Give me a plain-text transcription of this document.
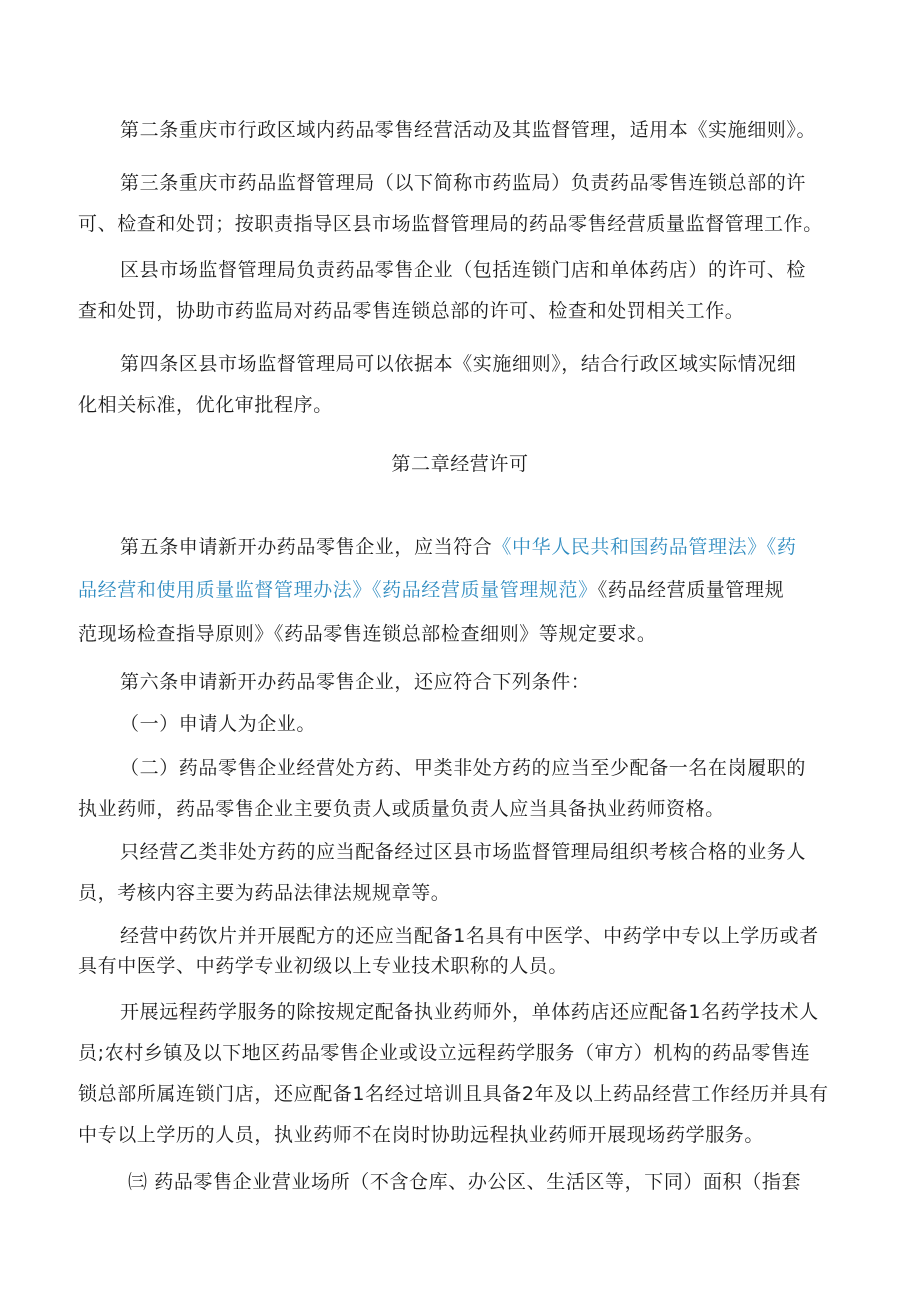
第二条重庆市行政区域内药品零售经营活动及其监督管理，适用本《实施细则》。
第三条重庆市药品监督管理局（以下简称市药监局）负责药品零售连锁总部的许
可、检查和处罚；按职责指导区县市场监督管理局的药品零售经营质量监督管理工作。
区县市场监督管理局负责药品零售企业（包括连锁门店和单体药店）的许可、检
查和处罚，协助市药监局对药品零售连锁总部的许可、检查和处罚相关工作。
第四条区县市场监督管理局可以依据本《实施细则》，结合行政区域实际情况细
化相关标准，优化审批程序。
第二章经营许可
第五条申请新开办药品零售企业，应当符合《中华人民共和国药品管理法》《药
品经营和使用质量监督管理办法》《药品经营质量管理规范》《药品经营质量管理规
范现场检查指导原则》《药品零售连锁总部检查细则》等规定要求。
第六条申请新开办药品零售企业，还应符合下列条件：
（一）申请人为企业。
（二）药品零售企业经营处方药、甲类非处方药的应当至少配备一名在岗履职的
执业药师，药品零售企业主要负责人或质量负责人应当具备执业药师资格。
只经营乙类非处方药的应当配备经过区县市场监督管理局组织考核合格的业务人
员，考核内容主要为药品法律法规规章等。
经营中药饮片并开展配方的还应当配备1名具有中医学、中药学中专以上学历或者
具有中医学、中药学专业初级以上专业技术职称的人员。
开展远程药学服务的除按规定配备执业药师外，单体药店还应配备1名药学技术人
员;农村乡镇及以下地区药品零售企业或设立远程药学服务（审方）机构的药品零售连
锁总部所属连锁门店，还应配备1名经过培训且具备2年及以上药品经营工作经历并具有
中专以上学历的人员，执业药师不在岗时协助远程执业药师开展现场药学服务。
㈢ 药品零售企业营业场所（不含仓库、办公区、生活区等，下同）面积（指套
